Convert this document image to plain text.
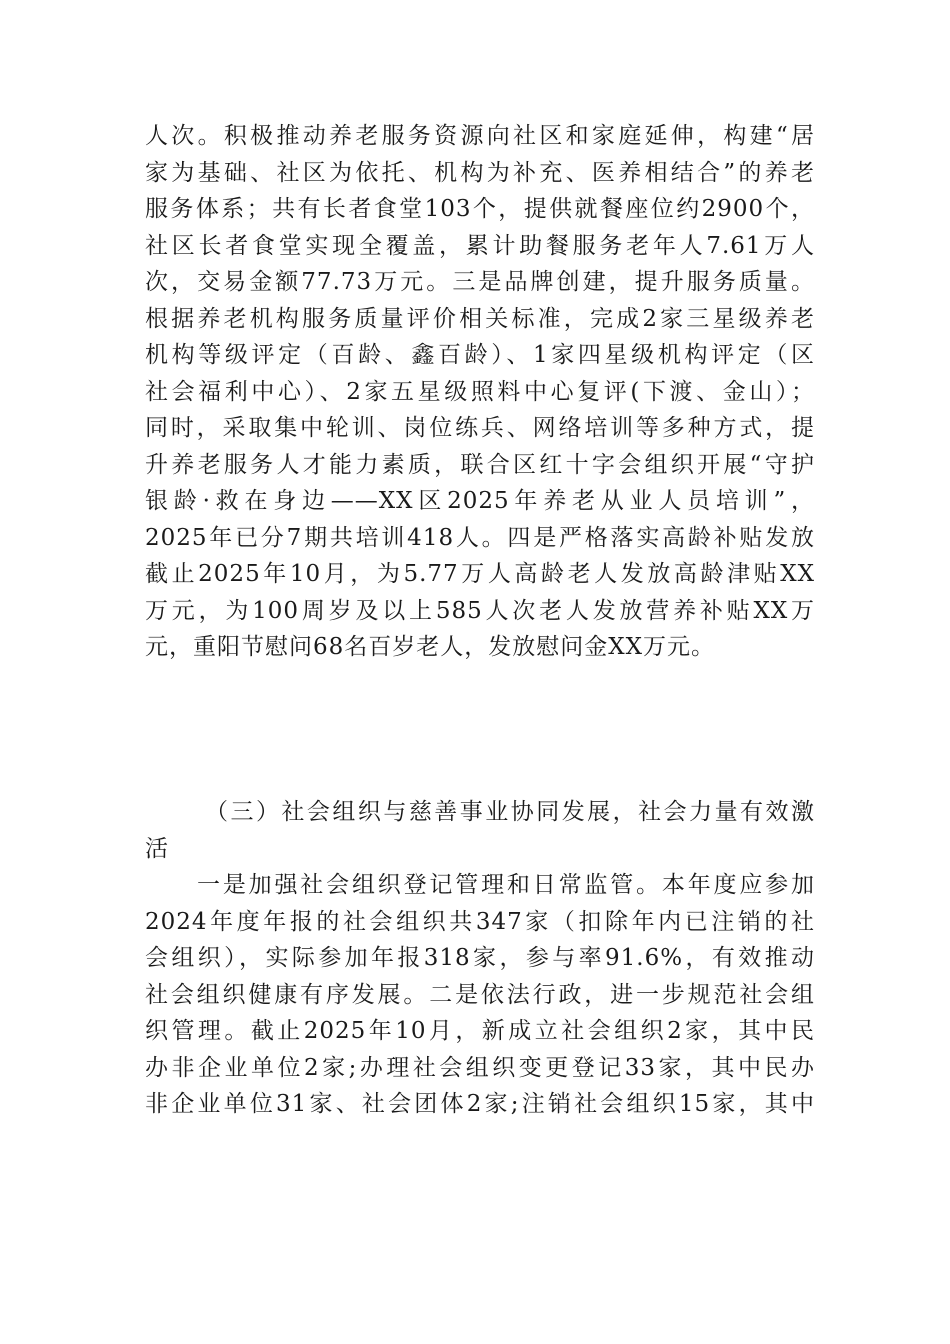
人次。积极推动养老服务资源向社区和家庭延伸，构建“居
家为基础、社区为依托、机构为补充、医养相结合”的养老
服务体系；共有长者食堂103个，提供就餐座位约2900个，
社区长者食堂实现全覆盖，累计助餐服务老年人7.61万人
次，交易金额77.73万元。三是品牌创建，提升服务质量。
根据养老机构服务质量评价相关标准，完成2家三星级养老
机构等级评定（百龄、鑫百龄）、1家四星级机构评定（区
社会福利中心）、2家五星级照料中心复评(下渡、金山）；
同时，采取集中轮训、岗位练兵、网络培训等多种方式，提
升养老服务人才能力素质，联合区红十字会组织开展“守护
银龄·救在身边——XX区2025年养老从业人员培训”，
2025年已分7期共培训418人。四是严格落实高龄补贴发放
截止2025年10月，为5.77万人高龄老人发放高龄津贴XX
万元，为100周岁及以上585人次老人发放营养补贴XX万
元，重阳节慰问68名百岁老人，发放慰问金XX万元。
（三）社会组织与慈善事业协同发展，社会力量有效激
活
一是加强社会组织登记管理和日常监管。本年度应参加
2024年度年报的社会组织共347家（扣除年内已注销的社
会组织），实际参加年报318家，参与率91.6%，有效推动
社会组织健康有序发展。二是依法行政，进一步规范社会组
织管理。截止2025年10月，新成立社会组织2家，其中民
办非企业单位2家;办理社会组织变更登记33家，其中民办
非企业单位31家、社会团体2家;注销社会组织15家，其中
